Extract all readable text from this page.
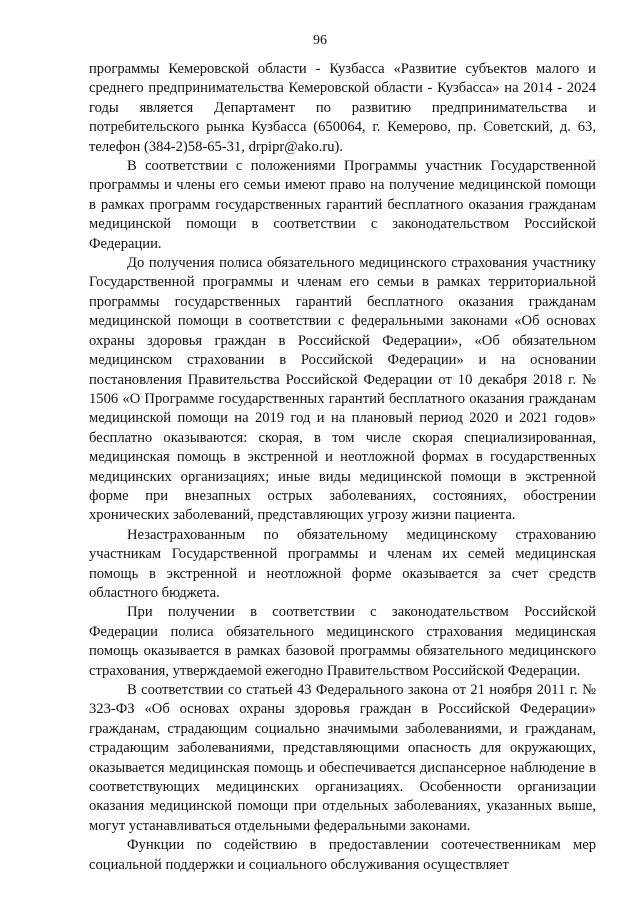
96

программы Кемеровской области - Кузбасса «Развитие субъектов малого и среднего предпринимательства Кемеровской области - Кузбасса» на 2014 - 2024 годы является Департамент по развитию предпринимательства и потребительского рынка Кузбасса (650064, г. Кемерово, пр. Советский, д. 63, телефон (384-2)58-65-31, drpipr@ako.ru).

В соответствии с положениями Программы участник Государственной программы и члены его семьи имеют право на получение медицинской помощи в рамках программ государственных гарантий бесплатного оказания гражданам медицинской помощи в соответствии с законодательством Российской Федерации.

До получения полиса обязательного медицинского страхования участнику Государственной программы и членам его семьи в рамках территориальной программы государственных гарантий бесплатного оказания гражданам медицинской помощи в соответствии с федеральными законами «Об основах охраны здоровья граждан в Российской Федерации», «Об обязательном медицинском страховании в Российской Федерации» и на основании постановления Правительства Российской Федерации от 10 декабря 2018 г. № 1506 «О Программе государственных гарантий бесплатного оказания гражданам медицинской помощи на 2019 год и на плановый период 2020 и 2021 годов» бесплатно оказываются: скорая, в том числе скорая специализированная, медицинская помощь в экстренной и неотложной формах в государственных медицинских организациях; иные виды медицинской помощи в экстренной форме при внезапных острых заболеваниях, состояниях, обострении хронических заболеваний, представляющих угрозу жизни пациента.

Незастрахованным по обязательному медицинскому страхованию участникам Государственной программы и членам их семей медицинская помощь в экстренной и неотложной форме оказывается за счет средств областного бюджета.

При получении в соответствии с законодательством Российской Федерации полиса обязательного медицинского страхования медицинская помощь оказывается в рамках базовой программы обязательного медицинского страхования, утверждаемой ежегодно Правительством Российской Федерации.

В соответствии со статьей 43 Федерального закона от 21 ноября 2011 г. № 323-ФЗ «Об основах охраны здоровья граждан в Российской Федерации» гражданам, страдающим социально значимыми заболеваниями, и гражданам, страдающим заболеваниями, представляющими опасность для окружающих, оказывается медицинская помощь и обеспечивается диспансерное наблюдение в соответствующих медицинских организациях. Особенности организации оказания медицинской помощи при отдельных заболеваниях, указанных выше, могут устанавливаться отдельными федеральными законами.

Функции по содействию в предоставлении соотечественникам мер социальной поддержки и социального обслуживания осуществляет
